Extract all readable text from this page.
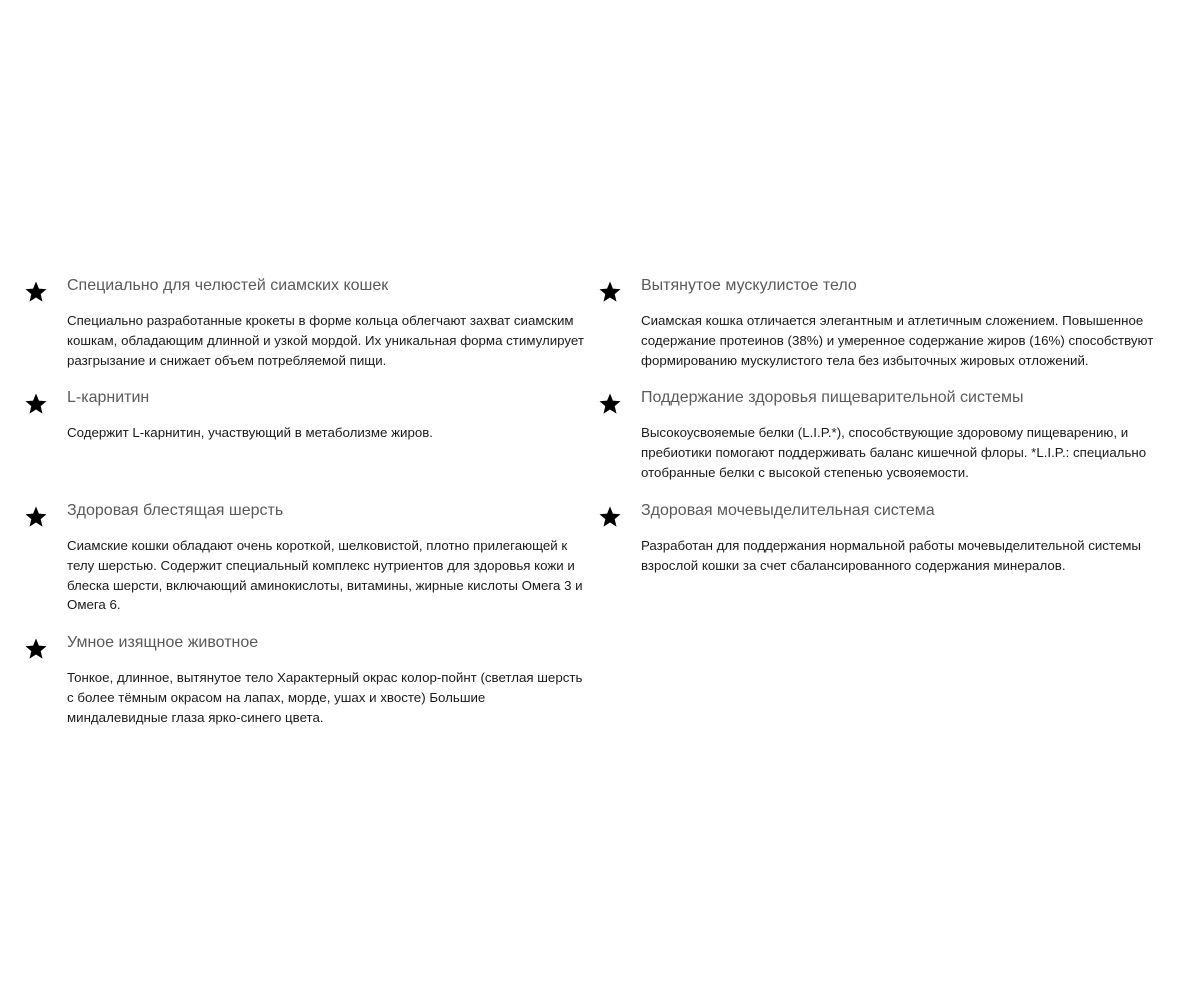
Специально для челюстей сиамских кошек

Специально разработанные крокеты в форме кольца облегчают захват сиамским кошкам, обладающим длинной и узкой мордой. Их уникальная форма стимулирует разгрызание и снижает объем потребляемой пищи.

L-карнитин

Содержит L-карнитин, участвующий в метаболизме жиров.

Здоровая блестящая шерсть

Сиамские кошки обладают очень короткой, шелковистой, плотно прилегающей к телу шерстью. Содержит специальный комплекс нутриентов для здоровья кожи и блеска шерсти, включающий аминокислоты, витамины, жирные кислоты Омега 3 и Омега 6.

Умное изящное животное

Тонкое, длинное, вытянутое тело Характерный окрас колор-пойнт (светлая шерсть с более тёмным окрасом на лапах, морде, ушах и хвосте) Большие миндалевидные глаза ярко-синего цвета.

Вытянутое мускулистое тело

Сиамская кошка отличается элегантным и атлетичным сложением. Повышенное содержание протеинов (38%) и умеренное содержание жиров (16%) способствуют формированию мускулистого тела без избыточных жировых отложений.

Поддержание здоровья пищеварительной системы

Высокоусвояемые белки (L.I.P.*), способствующие здоровому пищеварению, и пребиотики помогают поддерживать баланс кишечной флоры. *L.I.P.: специально отобранные белки с высокой степенью усвояемости.

Здоровая мочевыделительная система

Разработан для поддержания нормальной работы мочевыделительной системы взрослой кошки за счет сбалансированного содержания минералов.
